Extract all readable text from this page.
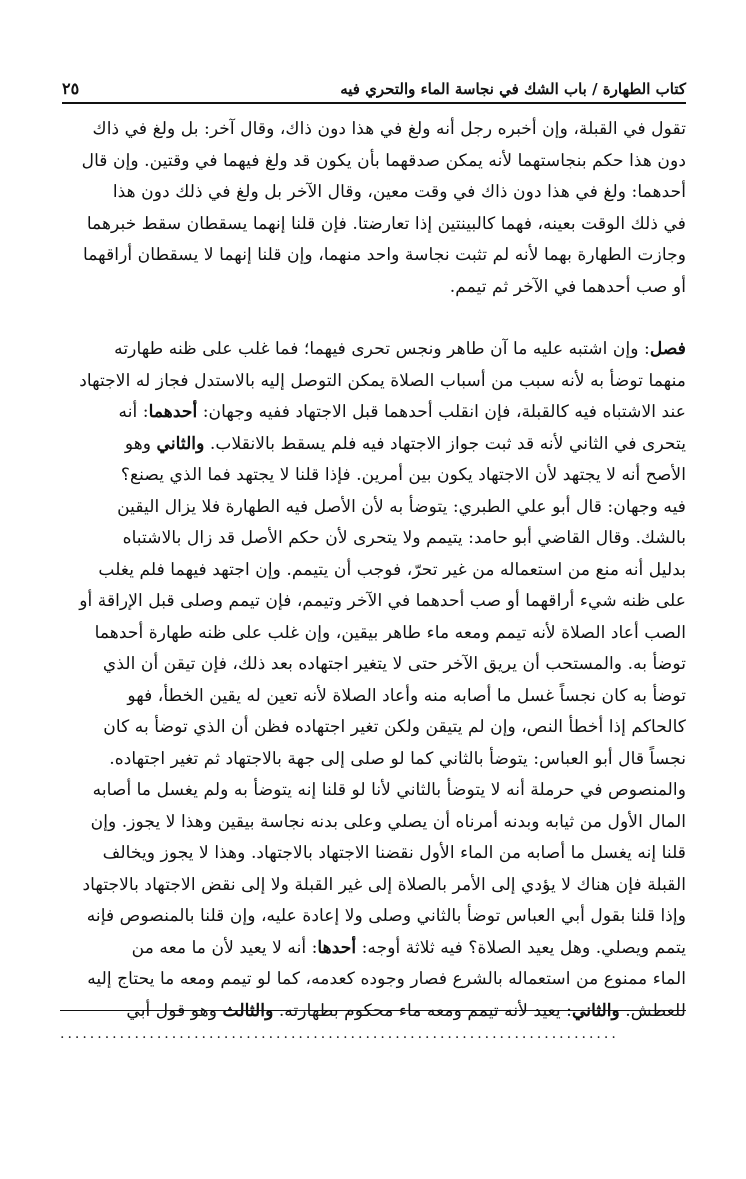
كتاب الطهارة / باب الشك في نجاسة الماء والتحري فيه
٢٥

تقول في القبلة، وإن أخبره رجل أنه ولغ في هذا دون ذاك، وقال آخر: بل ولغ في ذاك
دون هذا حكم بنجاستهما لأنه يمكن صدقهما بأن يكون قد ولغ فيهما في وقتين. وإن قال
أحدهما: ولغ في هذا دون ذاك في وقت معين، وقال الآخر بل ولغ في ذلك دون هذا
في ذلك الوقت بعينه، فهما كالبينتين إذا تعارضتا. فإن قلنا إنهما يسقطان سقط خبرهما
وجازت الطهارة بهما لأنه لم تثبت نجاسة واحد منهما، وإن قلنا إنهما لا يسقطان أراقهما
أو صب أحدهما في الآخر ثم تيمم.

فصل: وإن اشتبه عليه ما آن طاهر ونجس تحرى فيهما؛ فما غلب على ظنه طهارته
منهما توضأ به لأنه سبب من أسباب الصلاة يمكن التوصل إليه بالاستدل فجاز له الاجتهاد
عند الاشتباه فيه كالقبلة، فإن انقلب أحدهما قبل الاجتهاد ففيه وجهان: أحدهما: أنه
يتحرى في الثاني لأنه قد ثبت جواز الاجتهاد فيه فلم يسقط بالانقلاب. والثاني وهو
الأصح أنه لا يجتهد لأن الاجتهاد يكون بين أمرين. فإذا قلنا لا يجتهد فما الذي يصنع؟
فيه وجهان: قال أبو علي الطبري: يتوضأ به لأن الأصل فيه الطهارة فلا يزال اليقين
بالشك. وقال القاضي أبو حامد: يتيمم ولا يتحرى لأن حكم الأصل قد زال بالاشتباه
بدليل أنه منع من استعماله من غير تحرّ، فوجب أن يتيمم. وإن اجتهد فيهما فلم يغلب
على ظنه شيء أراقهما أو صب أحدهما في الآخر وتيمم، فإن تيمم وصلى قبل الإراقة أو
الصب أعاد الصلاة لأنه تيمم ومعه ماء طاهر بيقين، وإن غلب على ظنه طهارة أحدهما
توضأ به. والمستحب أن يريق الآخر حتى لا يتغير اجتهاده بعد ذلك، فإن تيقن أن الذي
توضأ به كان نجساً غسل ما أصابه منه وأعاد الصلاة لأنه تعين له يقين الخطأ، فهو
كالحاكم إذا أخطأ النص، وإن لم يتيقن ولكن تغير اجتهاده فظن أن الذي توضأ به كان
نجساً قال أبو العباس: يتوضأ بالثاني كما لو صلى إلى جهة بالاجتهاد ثم تغير اجتهاده.
والمنصوص في حرملة أنه لا يتوضأ بالثاني لأنا لو قلنا إنه يتوضأ به ولم يغسل ما أصابه
المال الأول من ثيابه وبدنه أمرناه أن يصلي وعلى بدنه نجاسة بيقين وهذا لا يجوز. وإن
قلنا إنه يغسل ما أصابه من الماء الأول نقضنا الاجتهاد بالاجتهاد. وهذا لا يجوز ويخالف
القبلة فإن هناك لا يؤدي إلى الأمر بالصلاة إلى غير القبلة ولا إلى نقض الاجتهاد بالاجتهاد
وإذا قلنا بقول أبي العباس توضأ بالثاني وصلى ولا إعادة عليه، وإن قلنا بالمنصوص فإنه
يتمم ويصلي. وهل يعيد الصلاة؟ فيه ثلاثة أوجه: أحدها: أنه لا يعيد لأن ما معه من
الماء ممنوع من استعماله بالشرع فصار وجوده كعدمه، كما لو تيمم ومعه ما يحتاج إليه
للعطش. والثاني: يعيد لأنه تيمم ومعه ماء محكوم بطهارته. والثالث وهو قول أبي

...........................................................................
